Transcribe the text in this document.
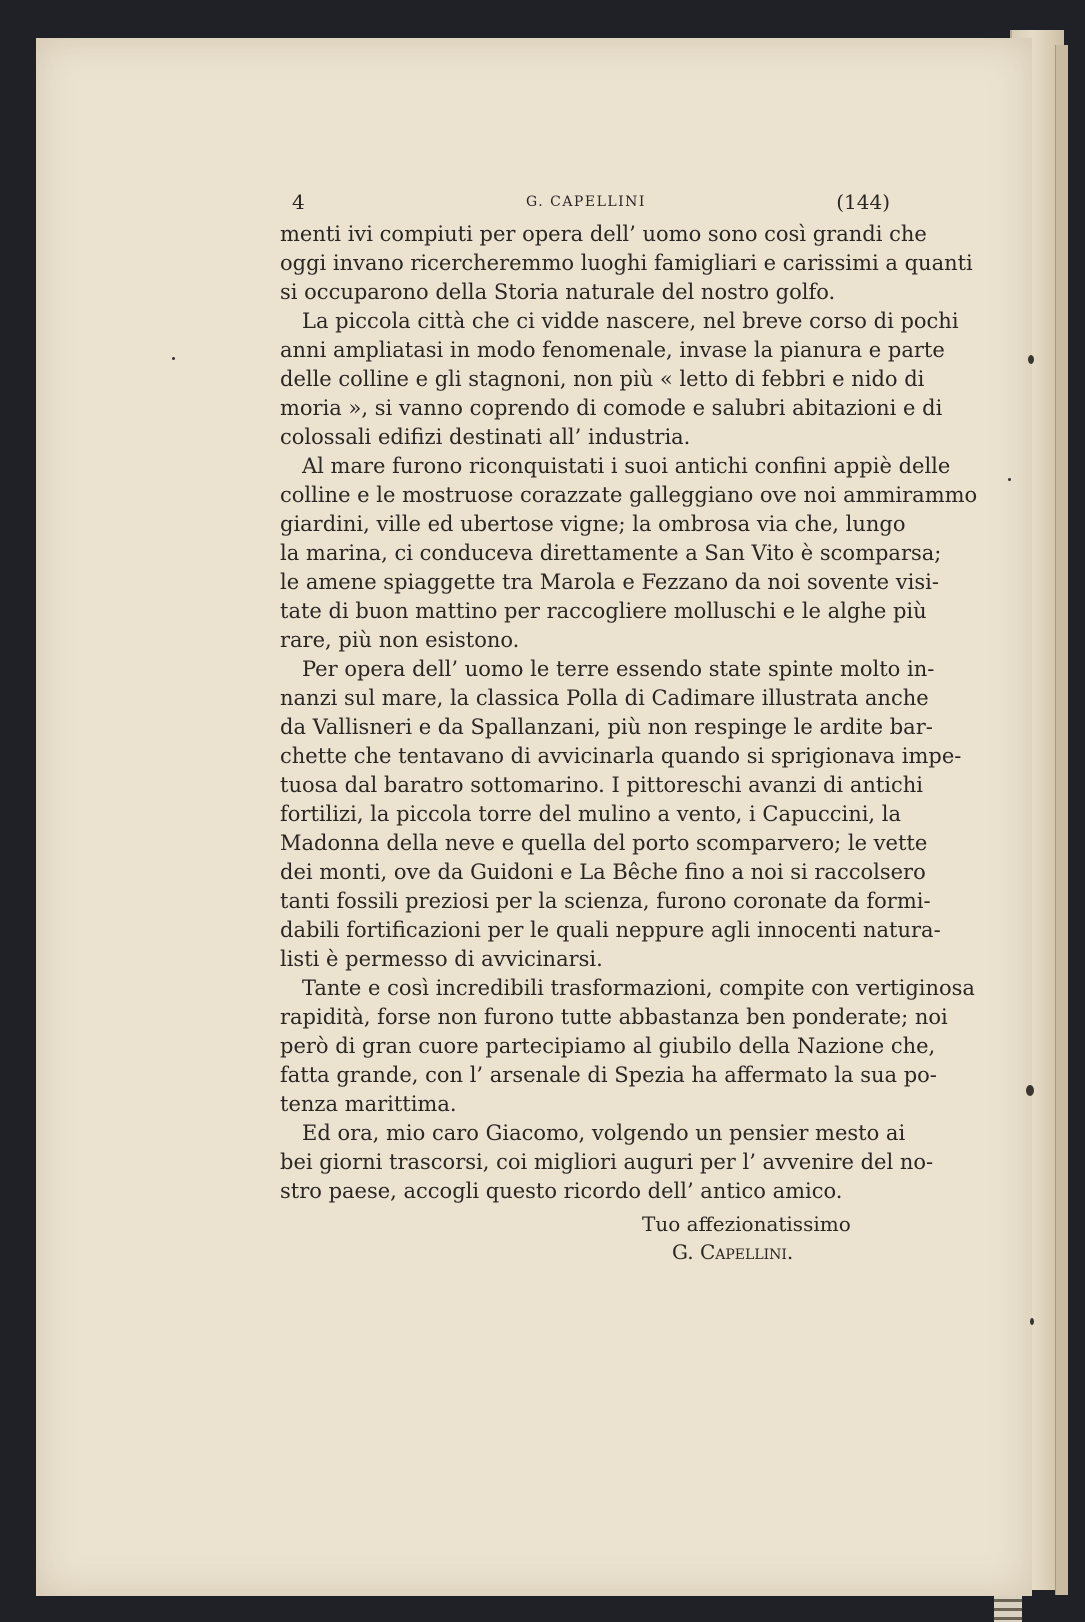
4	G. CAPELLINI	(144)
menti ivi compiuti per opera dell’ uomo sono così grandi che
oggi invano ricercheremmo luoghi famigliari e carissimi a quanti
si occuparono della Storia naturale del nostro golfo.
La piccola città che ci vidde nascere, nel breve corso di pochi
anni ampliatasi in modo fenomenale, invase la pianura e parte
delle colline e gli stagnoni, non più « letto di febbri e nido di
moria », si vanno coprendo di comode e salubri abitazioni e di
colossali edifizi destinati all’ industria.
Al mare furono riconquistati i suoi antichi confini appiè delle
colline e le mostruose corazzate galleggiano ove noi ammirammo
giardini, ville ed ubertose vigne; la ombrosa via che, lungo
la marina, ci conduceva direttamente a San Vito è scomparsa;
le amene spiaggette tra Marola e Fezzano da noi sovente visi-
tate di buon mattino per raccogliere molluschi e le alghe più
rare, più non esistono.
Per opera dell’ uomo le terre essendo state spinte molto in-
nanzi sul mare, la classica Polla di Cadimare illustrata anche
da Vallisneri e da Spallanzani, più non respinge le ardite bar-
chette che tentavano di avvicinarla quando si sprigionava impe-
tuosa dal baratro sottomarino. I pittoreschi avanzi di antichi
fortilizi, la piccola torre del mulino a vento, i Capuccini, la
Madonna della neve e quella del porto scomparvero; le vette
dei monti, ove da Guidoni e La Bêche fino a noi si raccolsero
tanti fossili preziosi per la scienza, furono coronate da formi-
dabili fortificazioni per le quali neppure agli innocenti natura-
listi è permesso di avvicinarsi.
Tante e così incredibili trasformazioni, compite con vertiginosa
rapidità, forse non furono tutte abbastanza ben ponderate; noi
però di gran cuore partecipiamo al giubilo della Nazione che,
fatta grande, con l’ arsenale di Spezia ha affermato la sua po-
tenza marittima.
Ed ora, mio caro Giacomo, volgendo un pensier mesto ai
bei giorni trascorsi, coi migliori auguri per l’ avvenire del no-
stro paese, accogli questo ricordo dell’ antico amico.
Tuo affezionatissimo
G. Capellini.
